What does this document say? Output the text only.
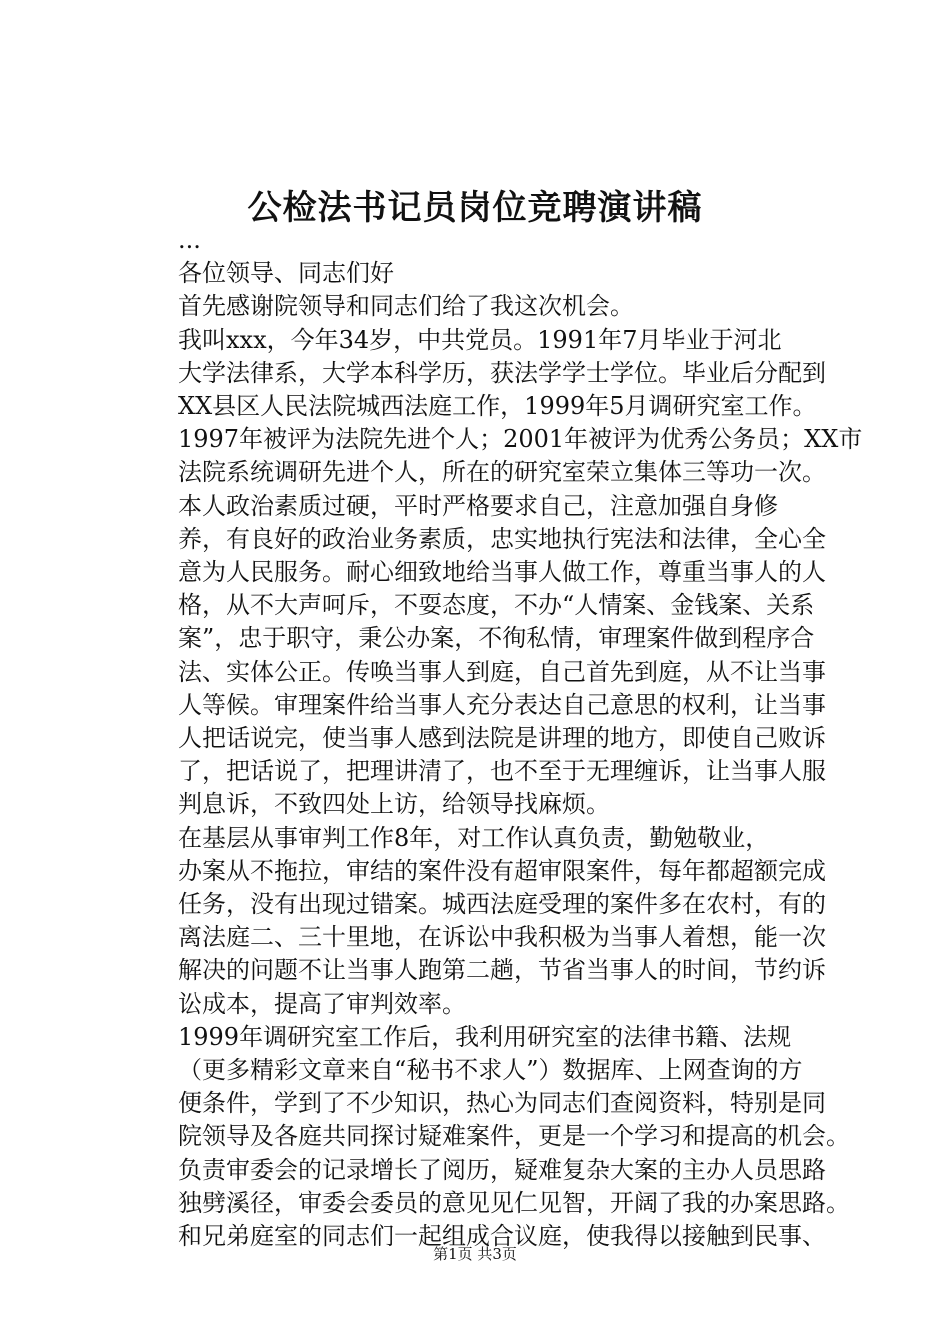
公检法书记员岗位竞聘演讲稿

...

各位领导、同志们好

首先感谢院领导和同志们给了我这次机会。

我叫xxx，今年34岁，中共党员。1991年7月毕业于河北
大学法律系，大学本科学历，获法学学士学位。毕业后分配到
XX县区人民法院城西法庭工作，1999年5月调研究室工作。
1997年被评为法院先进个人；2001年被评为优秀公务员；XX市
法院系统调研先进个人，所在的研究室荣立集体三等功一次。

本人政治素质过硬，平时严格要求自己，注意加强自身修
养，有良好的政治业务素质，忠实地执行宪法和法律，全心全
意为人民服务。耐心细致地给当事人做工作，尊重当事人的人
格，从不大声呵斥，不耍态度，不办“人情案、金钱案、关系
案”，忠于职守，秉公办案，不徇私情，审理案件做到程序合
法、实体公正。传唤当事人到庭，自己首先到庭，从不让当事
人等候。审理案件给当事人充分表达自己意思的权利，让当事
人把话说完，使当事人感到法院是讲理的地方，即使自己败诉
了，把话说了，把理讲清了，也不至于无理缠诉，让当事人服
判息诉，不致四处上访，给领导找麻烦。

在基层从事审判工作8年，对工作认真负责，勤勉敬业，
办案从不拖拉，审结的案件没有超审限案件，每年都超额完成
任务，没有出现过错案。城西法庭受理的案件多在农村，有的
离法庭二、三十里地，在诉讼中我积极为当事人着想，能一次
解决的问题不让当事人跑第二趟，节省当事人的时间，节约诉
讼成本，提高了审判效率。

1999年调研究室工作后，我利用研究室的法律书籍、法规
（更多精彩文章来自“秘书不求人”）数据库、上网查询的方
便条件，学到了不少知识，热心为同志们查阅资料，特别是同
院领导及各庭共同探讨疑难案件，更是一个学习和提高的机会。
负责审委会的记录增长了阅历，疑难复杂大案的主办人员思路
独劈溪径，审委会委员的意见见仁见智，开阔了我的办案思路。
和兄弟庭室的同志们一起组成合议庭，使我得以接触到民事、

第1页 共3页
